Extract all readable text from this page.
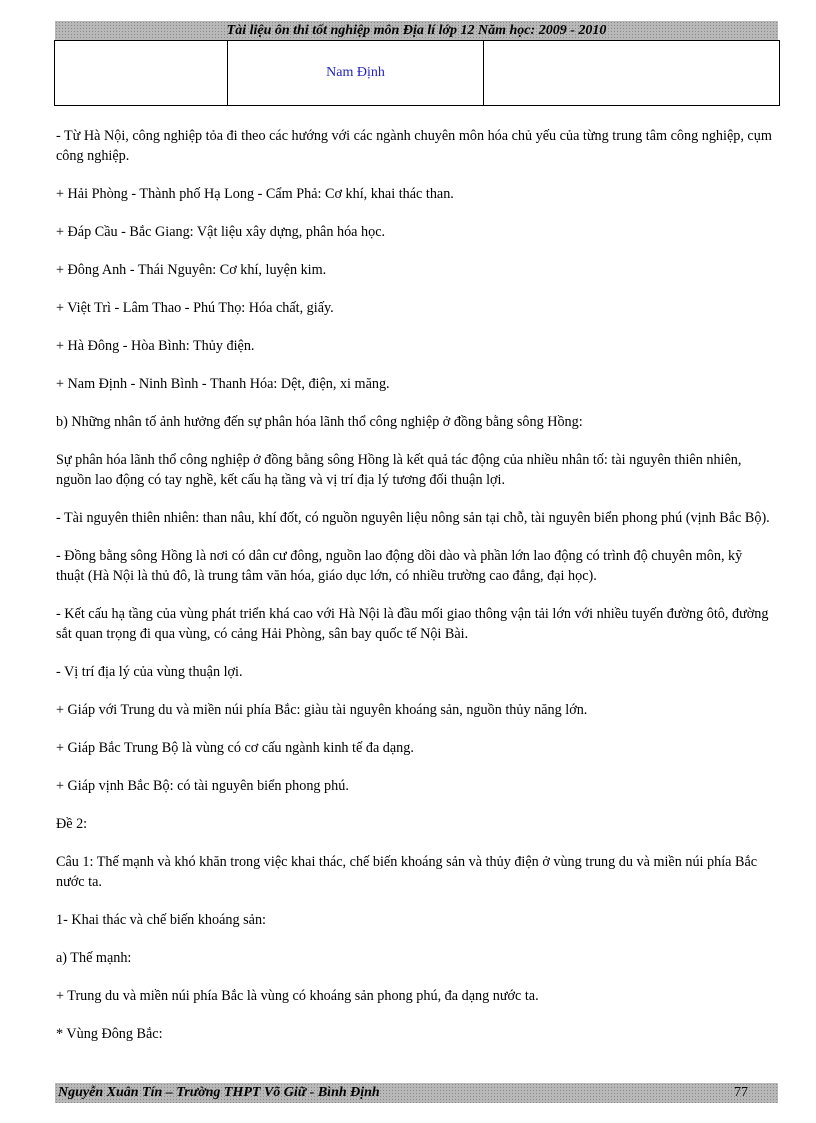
Tài liệu ôn thi tốt nghiệp môn Địa lí lớp 12 Năm học: 2009 - 2010
	Nam Định	

- Từ Hà Nội, công nghiệp tỏa đi theo các hướng với các ngành chuyên môn hóa chủ yếu của từng trung tâm công nghiệp, cụm công nghiệp.

+ Hải Phòng - Thành phố Hạ Long - Cẩm Phả: Cơ khí, khai thác than.

+ Đáp Cầu - Bắc Giang: Vật liệu xây dựng, phân hóa học.

+ Đông Anh - Thái Nguyên: Cơ khí, luyện kim.

+ Việt Trì - Lâm Thao - Phú Thọ: Hóa chất, giấy.

+ Hà Đông - Hòa Bình: Thủy điện.

+ Nam Định - Ninh Bình - Thanh Hóa: Dệt, điện, xi măng.

b) Những nhân tố ảnh hưởng đến sự phân hóa lãnh thổ công nghiệp ở đồng bằng sông Hồng:

Sự phân hóa lãnh thổ công nghiệp ở đồng bằng sông Hồng là kết quả tác động của nhiều nhân tố: tài nguyên thiên nhiên, nguồn lao động có tay nghề, kết cấu hạ tầng và vị trí địa lý tương đối thuận lợi.

- Tài nguyên thiên nhiên: than nâu, khí đốt, có nguồn nguyên liệu nông sản tại chỗ, tài nguyên biển phong phú (vịnh Bắc Bộ).

- Đồng bằng sông Hồng là nơi có dân cư đông, nguồn lao động dồi dào và phần lớn lao động có trình độ chuyên môn, kỹ thuật (Hà Nội là thủ đô, là trung tâm văn hóa, giáo dục lớn, có nhiều trường cao đẳng, đại học).

- Kết cấu hạ tầng của vùng phát triển khá cao với Hà Nội là đầu mối giao thông vận tải lớn với nhiều tuyến đường ôtô, đường sắt quan trọng đi qua vùng, có cảng Hải Phòng, sân bay quốc tế Nội Bài.

- Vị trí địa lý của vùng thuận lợi.

+ Giáp với Trung du và miền núi phía Bắc: giàu tài nguyên khoáng sản, nguồn thủy năng lớn.

+ Giáp Bắc Trung Bộ là vùng có cơ cấu ngành kinh tế đa dạng.

+ Giáp vịnh Bắc Bộ: có tài nguyên biển phong phú.

Đề 2:

Câu 1: Thế mạnh và khó khăn trong việc khai thác, chế biến khoáng sản và thủy điện ở vùng trung du và miền núi phía Bắc nước ta.

1- Khai thác và chế biến khoáng sản:

a) Thế mạnh:

+ Trung du và miền núi phía Bắc là vùng có khoáng sản phong phú, đa dạng nước ta.

* Vùng Đông Bắc:

Nguyễn Xuân Tín – Trường THPT Võ Giữ - Bình Định	77
